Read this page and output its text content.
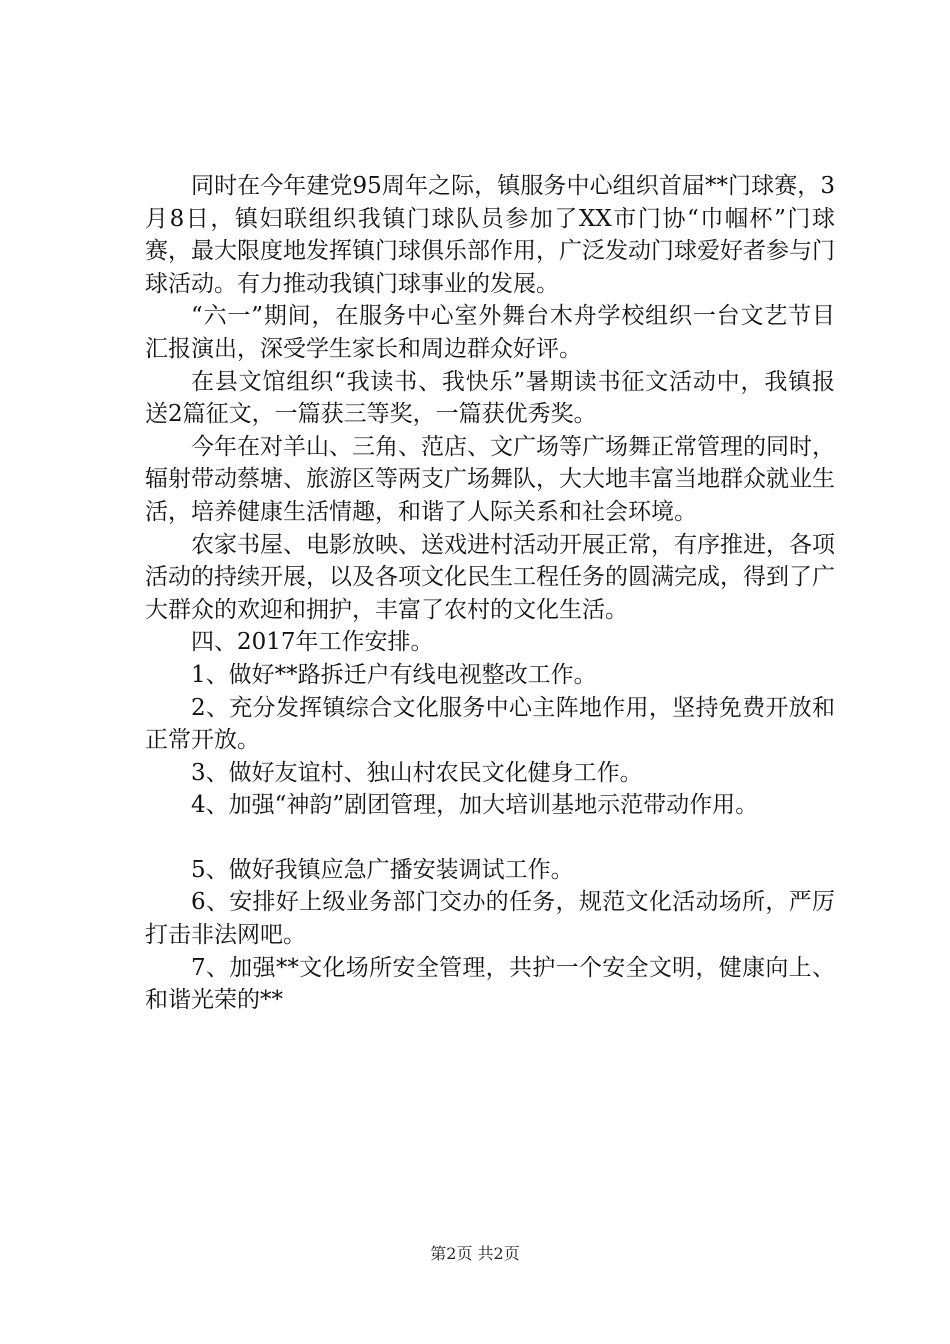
同时在今年建党95周年之际，镇服务中心组织首届**门球赛，3月8日，镇妇联组织我镇门球队员参加了XX市门协“巾帼杯”门球赛，最大限度地发挥镇门球俱乐部作用，广泛发动门球爱好者参与门球活动。有力推动我镇门球事业的发展。

“六一”期间，在服务中心室外舞台木舟学校组织一台文艺节目汇报演出，深受学生家长和周边群众好评。

在县文馆组织“我读书、我快乐”暑期读书征文活动中，我镇报送2篇征文，一篇获三等奖，一篇获优秀奖。

今年在对羊山、三角、范店、文广场等广场舞正常管理的同时，辐射带动蔡塘、旅游区等两支广场舞队，大大地丰富当地群众就业生活，培养健康生活情趣，和谐了人际关系和社会环境。

农家书屋、电影放映、送戏进村活动开展正常，有序推进，各项活动的持续开展，以及各项文化民生工程任务的圆满完成，得到了广大群众的欢迎和拥护，丰富了农村的文化生活。

四、2017年工作安排。

1、做好**路拆迁户有线电视整改工作。

2、充分发挥镇综合文化服务中心主阵地作用，坚持免费开放和正常开放。

3、做好友谊村、独山村农民文化健身工作。

4、加强“神韵”剧团管理，加大培训基地示范带动作用。

5、做好我镇应急广播安装调试工作。

6、安排好上级业务部门交办的任务，规范文化活动场所，严厉打击非法网吧。

7、加强**文化场所安全管理，共护一个安全文明，健康向上、和谐光荣的**

第2页 共2页
